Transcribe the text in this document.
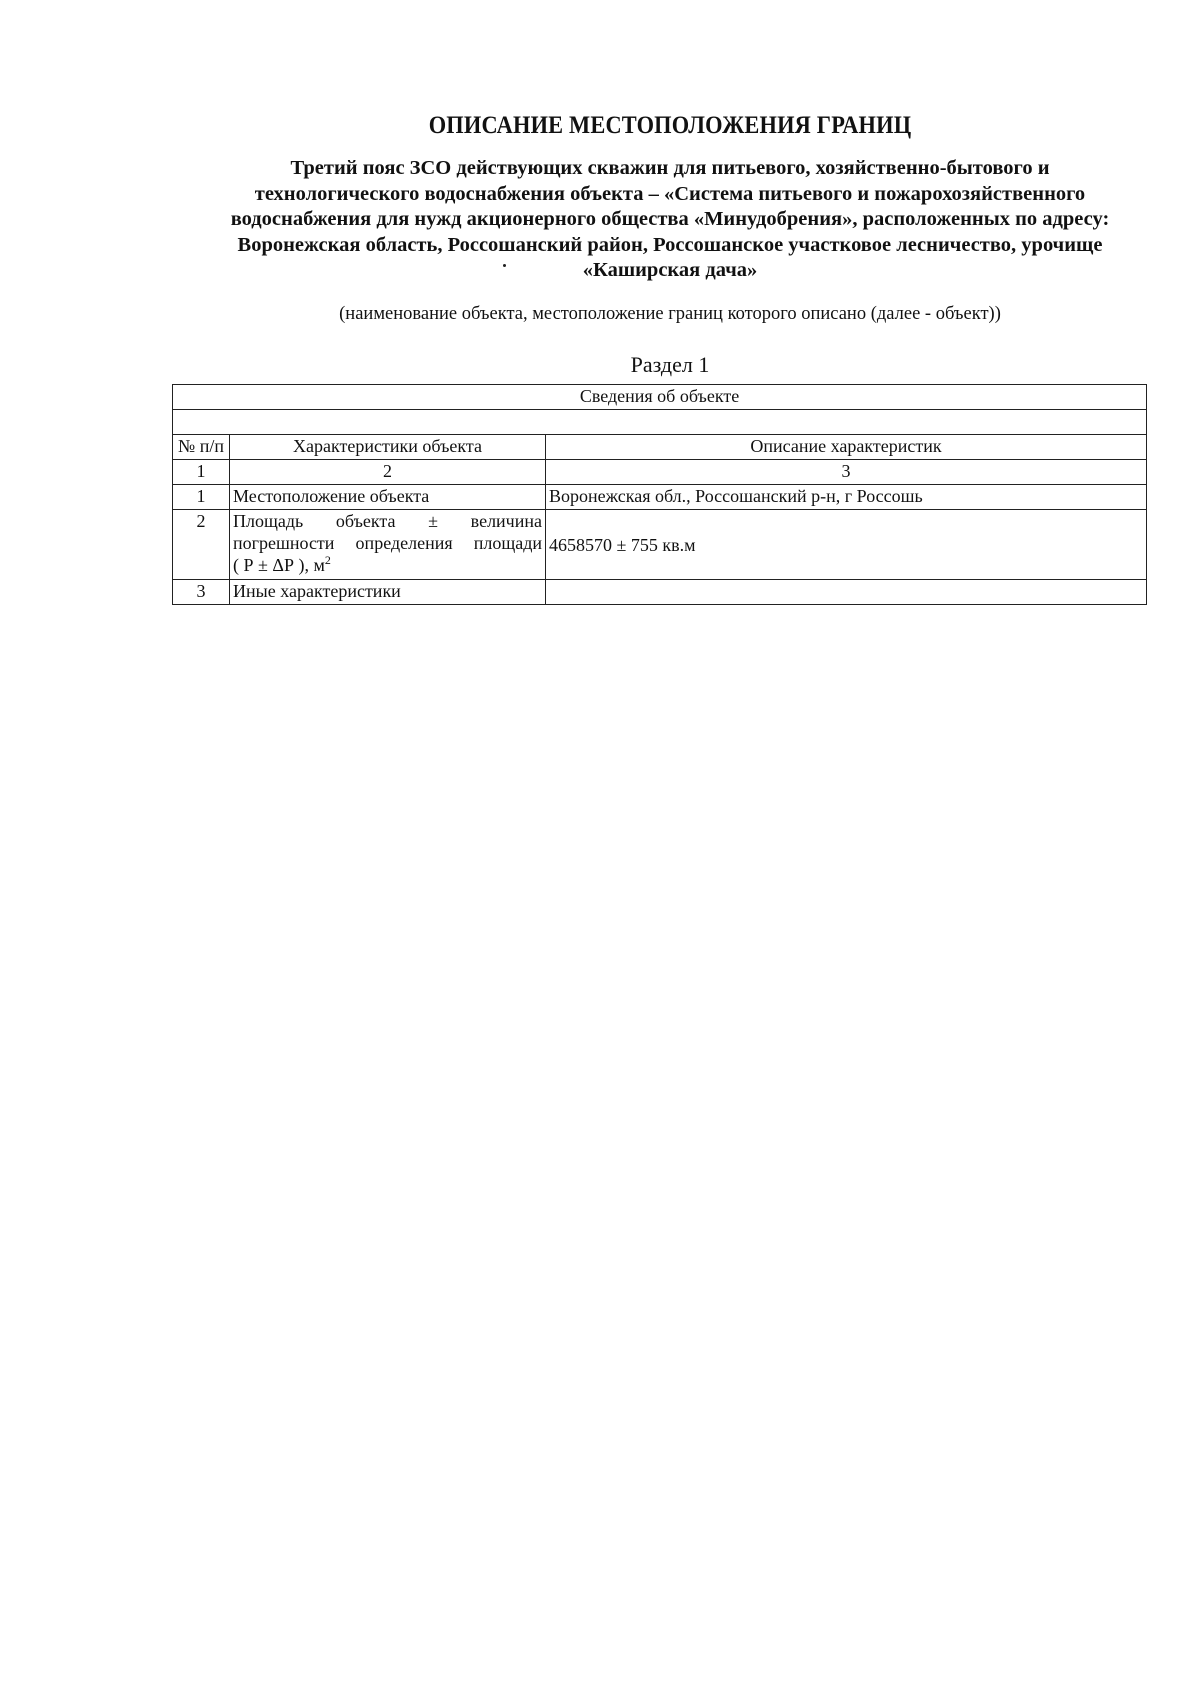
ОПИСАНИЕ МЕСТОПОЛОЖЕНИЯ ГРАНИЦ
Третий пояс ЗСО действующих скважин для питьевого, хозяйственно-бытового и
технологического водоснабжения объекта – «Система питьевого и пожарохозяйственного
водоснабжения для нужд акционерного общества «Минудобрения», расположенных по адресу:
Воронежская область, Россошанский район, Россошанское участковое лесничество, урочище
«Каширская дача»
(наименование объекта, местоположение границ которого описано (далее - объект))
Раздел 1
Сведения об объекте		

№ п/п	Характеристики объекта	Описание характеристик
1	2	3
1	Местоположение объекта	Воронежская обл., Россошанский р-н, г Россошь
2	Площадь объекта ± величина
погрешности определения площади
( Р ± ΔР ), $м^2$	4658570 ± 755 кв.м
3	Иные характеристики	
